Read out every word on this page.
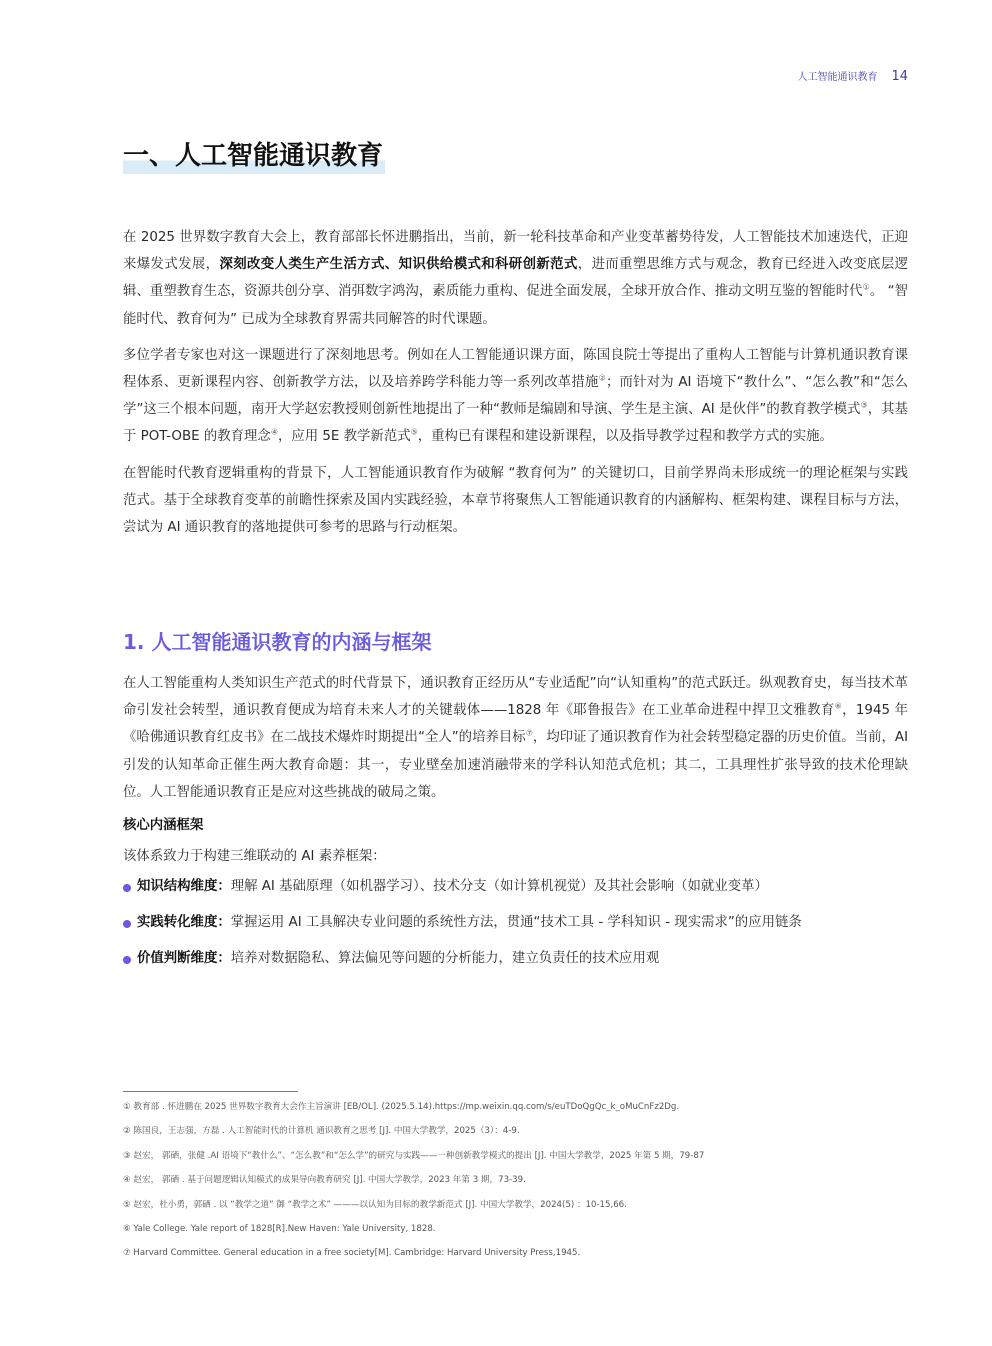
人工智能通识教育 14
一、人工智能通识教育

在 2025 世界数字教育大会上，教育部部长怀进鹏指出，当前，新一轮科技革命和产业变革蓄势待发，人工智能技术加速迭代，正迎来爆发式发展，深刻改变人类生产生活方式、知识供给模式和科研创新范式，进而重塑思维方式与观念，教育已经进入改变底层逻辑、重塑教育生态，资源共创分享、消弭数字鸿沟，素质能力重构、促进全面发展，全球开放合作、推动文明互鉴的智能时代①。 “智能时代、教育何为” 已成为全球教育界需共同解答的时代课题。

多位学者专家也对这一课题进行了深刻地思考。例如在人工智能通识课方面，陈国良院士等提出了重构人工智能与计算机通识教育课程体系、更新课程内容、创新教学方法，以及培养跨学科能力等一系列改革措施②；而针对为 AI 语境下“教什么”、“怎么教”和“怎么学”这三个根本问题，南开大学赵宏教授则创新性地提出了一种“教师是编剧和导演、学生是主演、AI 是伙伴”的教育教学模式③，其基于 POT-OBE 的教育理念④，应用 5E 教学新范式⑤，重构已有课程和建设新课程，以及指导教学过程和教学方式的实施。

在智能时代教育逻辑重构的背景下，人工智能通识教育作为破解 “教育何为” 的关键切口，目前学界尚未形成统一的理论框架与实践范式。基于全球教育变革的前瞻性探索及国内实践经验，本章节将聚焦人工智能通识教育的内涵解构、框架构建、课程目标与方法，尝试为 AI 通识教育的落地提供可参考的思路与行动框架。

1. 人工智能通识教育的内涵与框架

在人工智能重构人类知识生产范式的时代背景下，通识教育正经历从“专业适配”向“认知重构”的范式跃迁。纵观教育史，每当技术革命引发社会转型，通识教育便成为培育未来人才的关键载体——1828 年《耶鲁报告》在工业革命进程中捍卫文雅教育⑥，1945 年《哈佛通识教育红皮书》在二战技术爆炸时期提出“全人”的培养目标⑦，均印证了通识教育作为社会转型稳定器的历史价值。当前，AI 引发的认知革命正催生两大教育命题：其一，专业壁垒加速消融带来的学科认知范式危机；其二，工具理性扩张导致的技术伦理缺位。人工智能通识教育正是应对这些挑战的破局之策。

核心内涵框架

该体系致力于构建三维联动的 AI 素养框架：

知识结构维度：理解 AI 基础原理（如机器学习）、技术分支（如计算机视觉）及其社会影响（如就业变革）
实践转化维度：掌握运用 AI 工具解决专业问题的系统性方法，贯通“技术工具 - 学科知识 - 现实需求”的应用链条
价值判断维度：培养对数据隐私、算法偏见等问题的分析能力，建立负责任的技术应用观
① 教育部 . 怀进鹏在 2025 世界数字教育大会作主旨演讲 [EB/OL]. (2025.5.14).https://mp.weixin.qq.com/s/euTDoQgQc_k_oMuCnFz2Dg.
② 陈国良，王志强，方磊 . 人工智能时代的计算机 通识教育之思考 [J]. 中国大学教学，2025（3）：4-9.
③ 赵宏， 郭硒，张健 .AI 语境下“教什么”、“怎么教”和“怎么学”的研究与实践——一种创新教学模式的提出 [J]. 中国大学教学，2025 年第 5 期，79-87
④ 赵宏， 郭硒 . 基于问题逻辑认知模式的成果导向教育研究 [J]. 中国大学教学，2023 年第 3 期，73-39.
⑤ 赵宏，杜小勇，郭硒 . 以 “教学之道” 御 “教学之术” ———以认知为目标的教学新范式 [J]. 中国大学教学，2024(5) ：10-15,66.
⑥ Yale College. Yale report of 1828[R].New Haven: Yale University, 1828.
⑦ Harvard Committee. General education in a free society[M]. Cambridge: Harvard University Press,1945.
